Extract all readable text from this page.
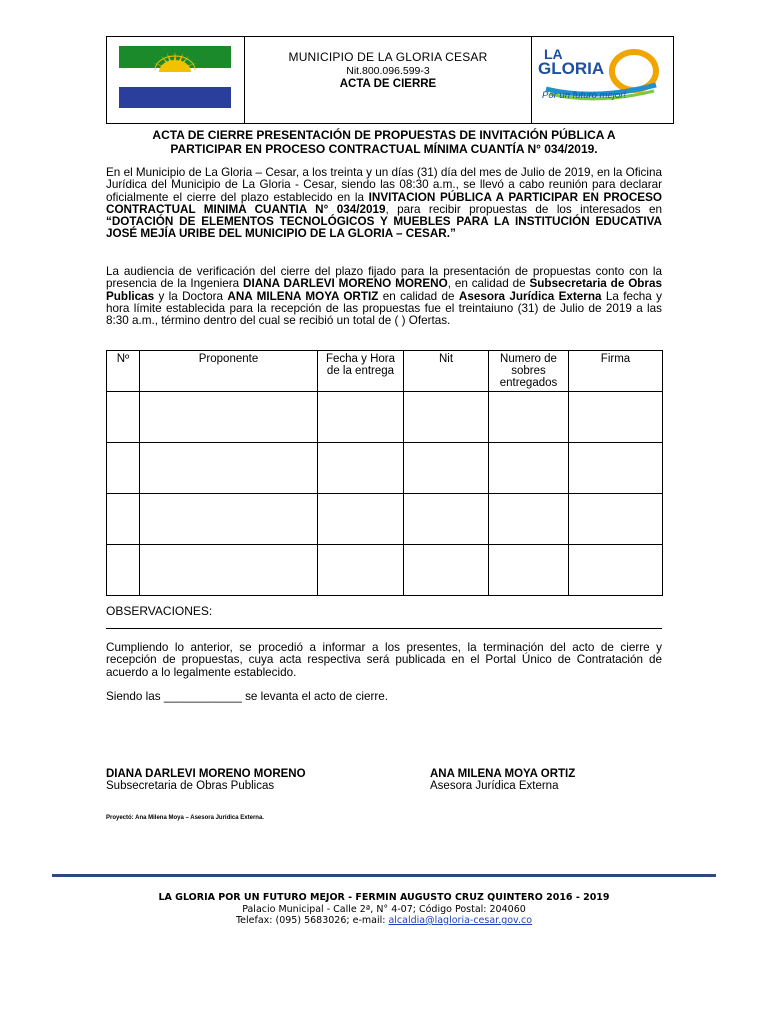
MUNICIPIO DE LA GLORIA CESAR
Nit.800.096.599-3
ACTA DE CIERRE
LA
GLORIA
Por un futuro mejor!
ACTA DE CIERRE PRESENTACIÓN DE PROPUESTAS DE INVITACIÓN PÚBLICA A
PARTICIPAR EN PROCESO CONTRACTUAL MÍNIMA CUANTÍA N° 034/2019.
En el Municipio de La Gloria – Cesar, a los treinta y un días (31) día del mes de Julio de 2019, en la Oficina Jurídica del Municipio de La Gloria - Cesar, siendo las 08:30 a.m., se llevó a cabo reunión para declarar oficialmente el cierre del plazo establecido en la INVITACION PÚBLICA A PARTICIPAR EN PROCESO CONTRACTUAL MINIMA CUANTIA N° 034/2019, para recibir propuestas de los interesados en “DOTACIÓN DE ELEMENTOS TECNOLÓGICOS Y MUEBLES PARA LA INSTITUCIÓN EDUCATIVA JOSÉ MEJÍA URIBE DEL MUNICIPIO DE LA GLORIA – CESAR.”
La audiencia de verificación del cierre del plazo fijado para la presentación de propuestas conto con la presencia de la Ingeniera DIANA DARLEVI MORENO MORENO, en calidad de Subsecretaria de Obras Publicas y la Doctora ANA MILENA MOYA ORTIZ en calidad de Asesora Jurídica Externa La fecha y hora límite establecida para la recepción de las propuestas fue el treintaiuno (31) de Julio de 2019 a las 8:30 a.m., término dentro del cual se recibió un total de ( ) Ofertas.
Nº	Proponente	Fecha y Hora de la entrega	Nit	Numero de sobres entregados	Firma

OBSERVACIONES:
Cumpliendo lo anterior, se procedió a informar a los presentes, la terminación del acto de cierre y recepción de propuestas, cuya acta respectiva será publicada en el Portal Único de Contratación de acuerdo a lo legalmente establecido.
Siendo las ____________ se levanta el acto de cierre.
DIANA DARLEVI MORENO MORENO
Subsecretaria de Obras Publicas
ANA MILENA MOYA ORTIZ
Asesora Jurídica Externa
Proyectó: Ana Milena Moya – Asesora Jurídica Externa.
LA GLORIA POR UN FUTURO MEJOR - FERMIN AUGUSTO CRUZ QUINTERO 2016 - 2019
Palacio Municipal - Calle 2ª, N° 4-07; Código Postal: 204060
Telefax: (095) 5683026; e-mail: alcaldia@lagloria-cesar.gov.co
